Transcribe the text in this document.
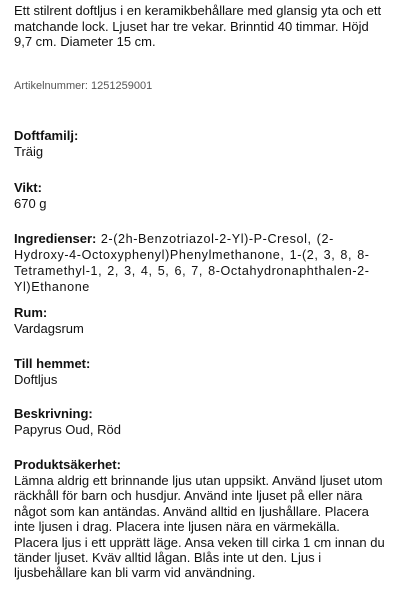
Ett stilrent doftljus i en keramikbehållare med glansig yta och ett matchande lock. Ljuset har tre vekar. Brinntid 40 timmar. Höjd 9,7 cm. Diameter 15 cm.

Artikelnummer: 1251259001

Doftfamilj:
Träig
Vikt:
670 g
Ingredienser: 2-(2h-Benzotriazol-2-Yl)-P-Cresol, (2-Hydroxy-4-Octoxyphenyl)Phenylmethanone, 1-(2, 3, 8, 8-Tetramethyl-1, 2, 3, 4, 5, 6, 7, 8-Octahydronaphthalen-2-Yl)Ethanone
Rum:
Vardagsrum
Till hemmet:
Doftljus
Beskrivning:
Papyrus Oud, Röd
Produktsäkerhet:

Lämna aldrig ett brinnande ljus utan uppsikt. Använd ljuset utom räckhåll för barn och husdjur. Använd inte ljuset på eller nära något som kan antändas. Använd alltid en ljushållare. Placera inte ljusen i drag. Placera inte ljusen nära en värmekälla. Placera ljus i ett upprätt läge. Ansa veken till cirka 1 cm innan du tänder ljuset. Kväv alltid lågan. Blås inte ut den. Ljus i ljusbehållare kan bli varm vid användning.
